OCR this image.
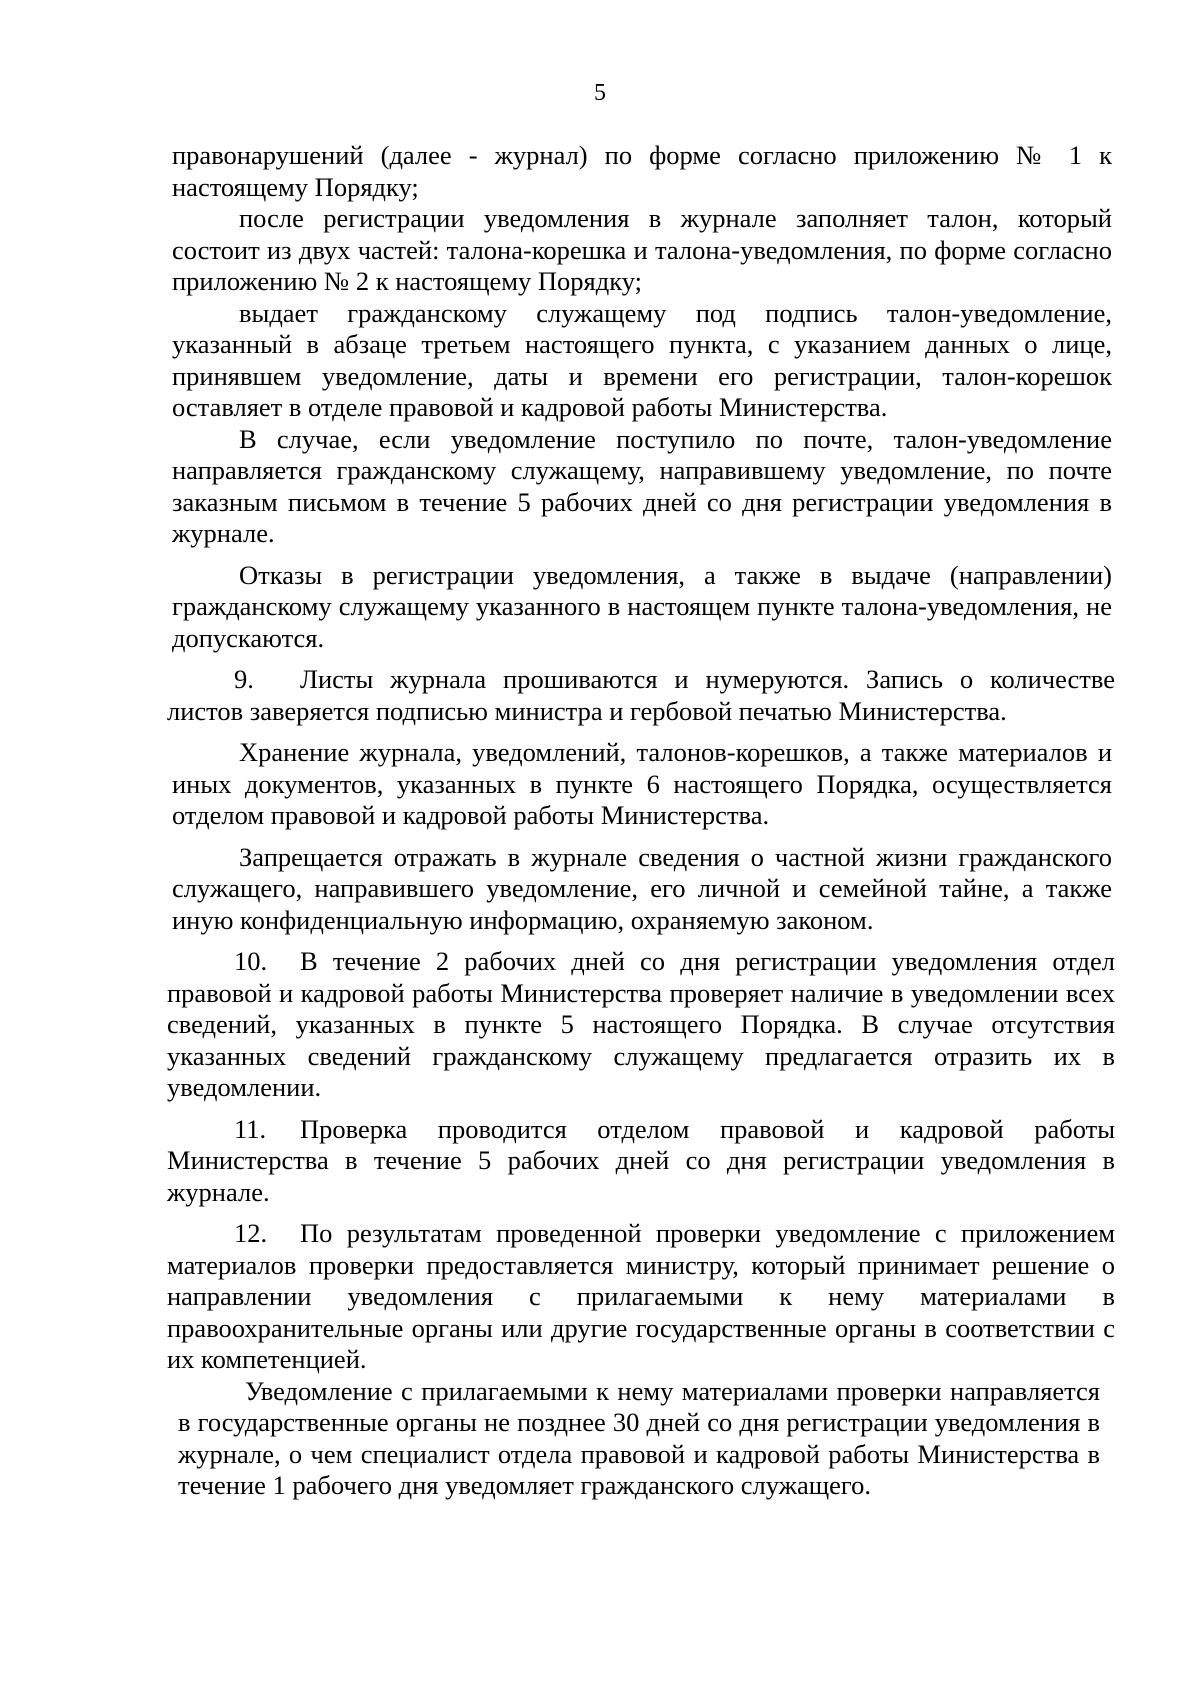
5

правонарушений (далее - журнал) по форме согласно приложению № 1 к настоящему Порядку;

после регистрации уведомления в журнале заполняет талон, который состоит из двух частей: талона-корешка и талона-уведомления, по форме согласно приложению № 2 к настоящему Порядку;

выдает гражданскому служащему под подпись талон-уведомление, указанный в абзаце третьем настоящего пункта, с указанием данных о лице, принявшем уведомление, даты и времени его регистрации, талон-корешок оставляет в отделе правовой и кадровой работы Министерства.

В случае, если уведомление поступило по почте, талон-уведомление направляется гражданскому служащему, направившему уведомление, по почте заказным письмом в течение 5 рабочих дней со дня регистрации уведомления в журнале.

Отказы в регистрации уведомления, а также в выдаче (направлении) гражданскому служащему указанного в настоящем пункте талона-уведомления, не допускаются.

9. Листы журнала прошиваются и нумеруются. Запись о количестве листов заверяется подписью министра и гербовой печатью Министерства.

Хранение журнала, уведомлений, талонов-корешков, а также материалов и иных документов, указанных в пункте 6 настоящего Порядка, осуществляется отделом правовой и кадровой работы Министерства.

Запрещается отражать в журнале сведения о частной жизни гражданского служащего, направившего уведомление, его личной и семейной тайне, а также иную конфиденциальную информацию, охраняемую законом.

10. В течение 2 рабочих дней со дня регистрации уведомления отдел правовой и кадровой работы Министерства проверяет наличие в уведомлении всех сведений, указанных в пункте 5 настоящего Порядка. В случае отсутствия указанных сведений гражданскому служащему предлагается отразить их в уведомлении.

11. Проверка проводится отделом правовой и кадровой работы Министерства в течение 5 рабочих дней со дня регистрации уведомления в журнале.

12. По результатам проведенной проверки уведомление с приложением материалов проверки предоставляется министру, который принимает решение о направлении уведомления с прилагаемыми к нему материалами в правоохранительные органы или другие государственные органы в соответствии с их компетенцией.

Уведомление с прилагаемыми к нему материалами проверки направляется в государственные органы не позднее 30 дней со дня регистрации уведомления в журнале, о чем специалист отдела правовой и кадровой работы Министерства в течение 1 рабочего дня уведомляет гражданского служащего.
